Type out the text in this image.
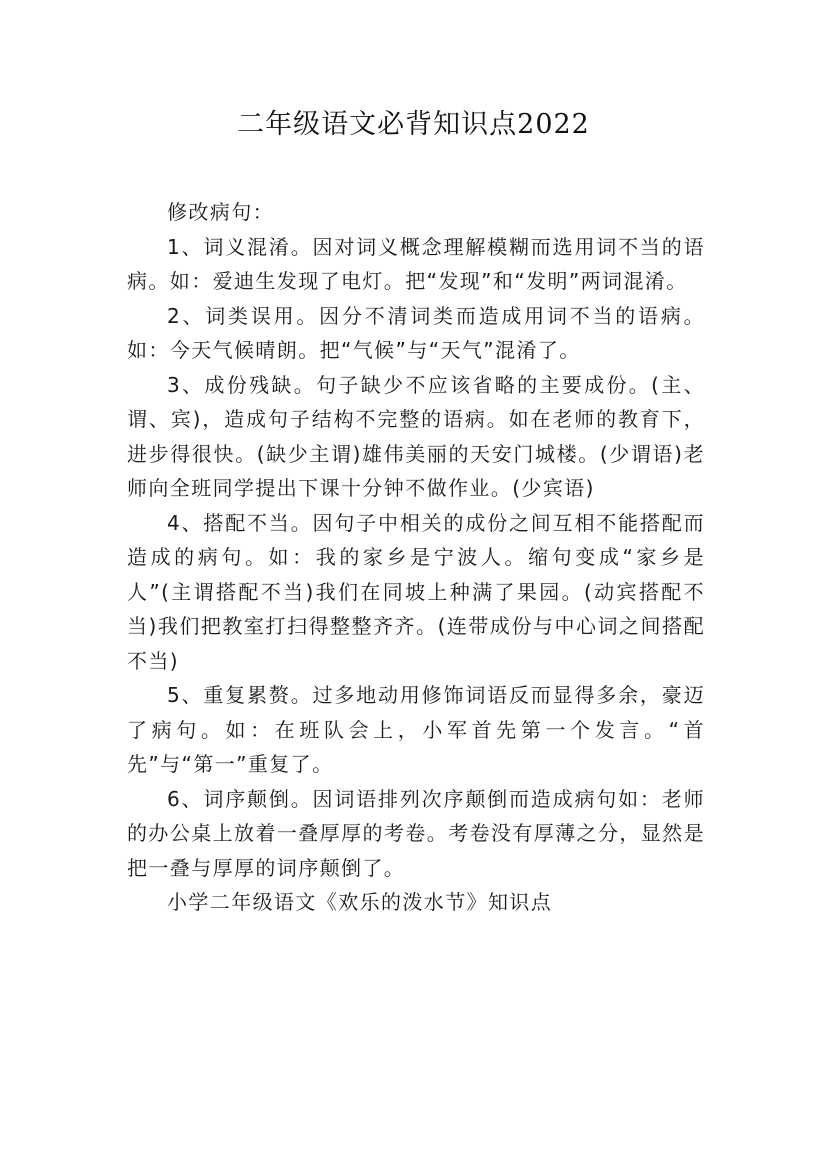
二年级语文必背知识点2022

修改病句：

1、词义混淆。因对词义概念理解模糊而选用词不当的语病。如：爱迪生发现了电灯。把“发现”和“发明”两词混淆。

2、词类误用。因分不清词类而造成用词不当的语病。如：今天气候晴朗。把“气候”与“天气”混淆了。

3、成份残缺。句子缺少不应该省略的主要成份。(主、谓、宾)，造成句子结构不完整的语病。如在老师的教育下，进步得很快。(缺少主谓)雄伟美丽的天安门城楼。(少谓语)老师向全班同学提出下课十分钟不做作业。(少宾语)

4、搭配不当。因句子中相关的成份之间互相不能搭配而造成的病句。如：我的家乡是宁波人。缩句变成“家乡是人”(主谓搭配不当)我们在同坡上种满了果园。(动宾搭配不当)我们把教室打扫得整整齐齐。(连带成份与中心词之间搭配不当)

5、重复累赘。过多地动用修饰词语反而显得多余，豪迈了病句。如：在班队会上，小军首先第一个发言。“首先”与“第一”重复了。

6、词序颠倒。因词语排列次序颠倒而造成病句如：老师的办公桌上放着一叠厚厚的考卷。考卷没有厚薄之分，显然是把一叠与厚厚的词序颠倒了。

小学二年级语文《欢乐的泼水节》知识点
